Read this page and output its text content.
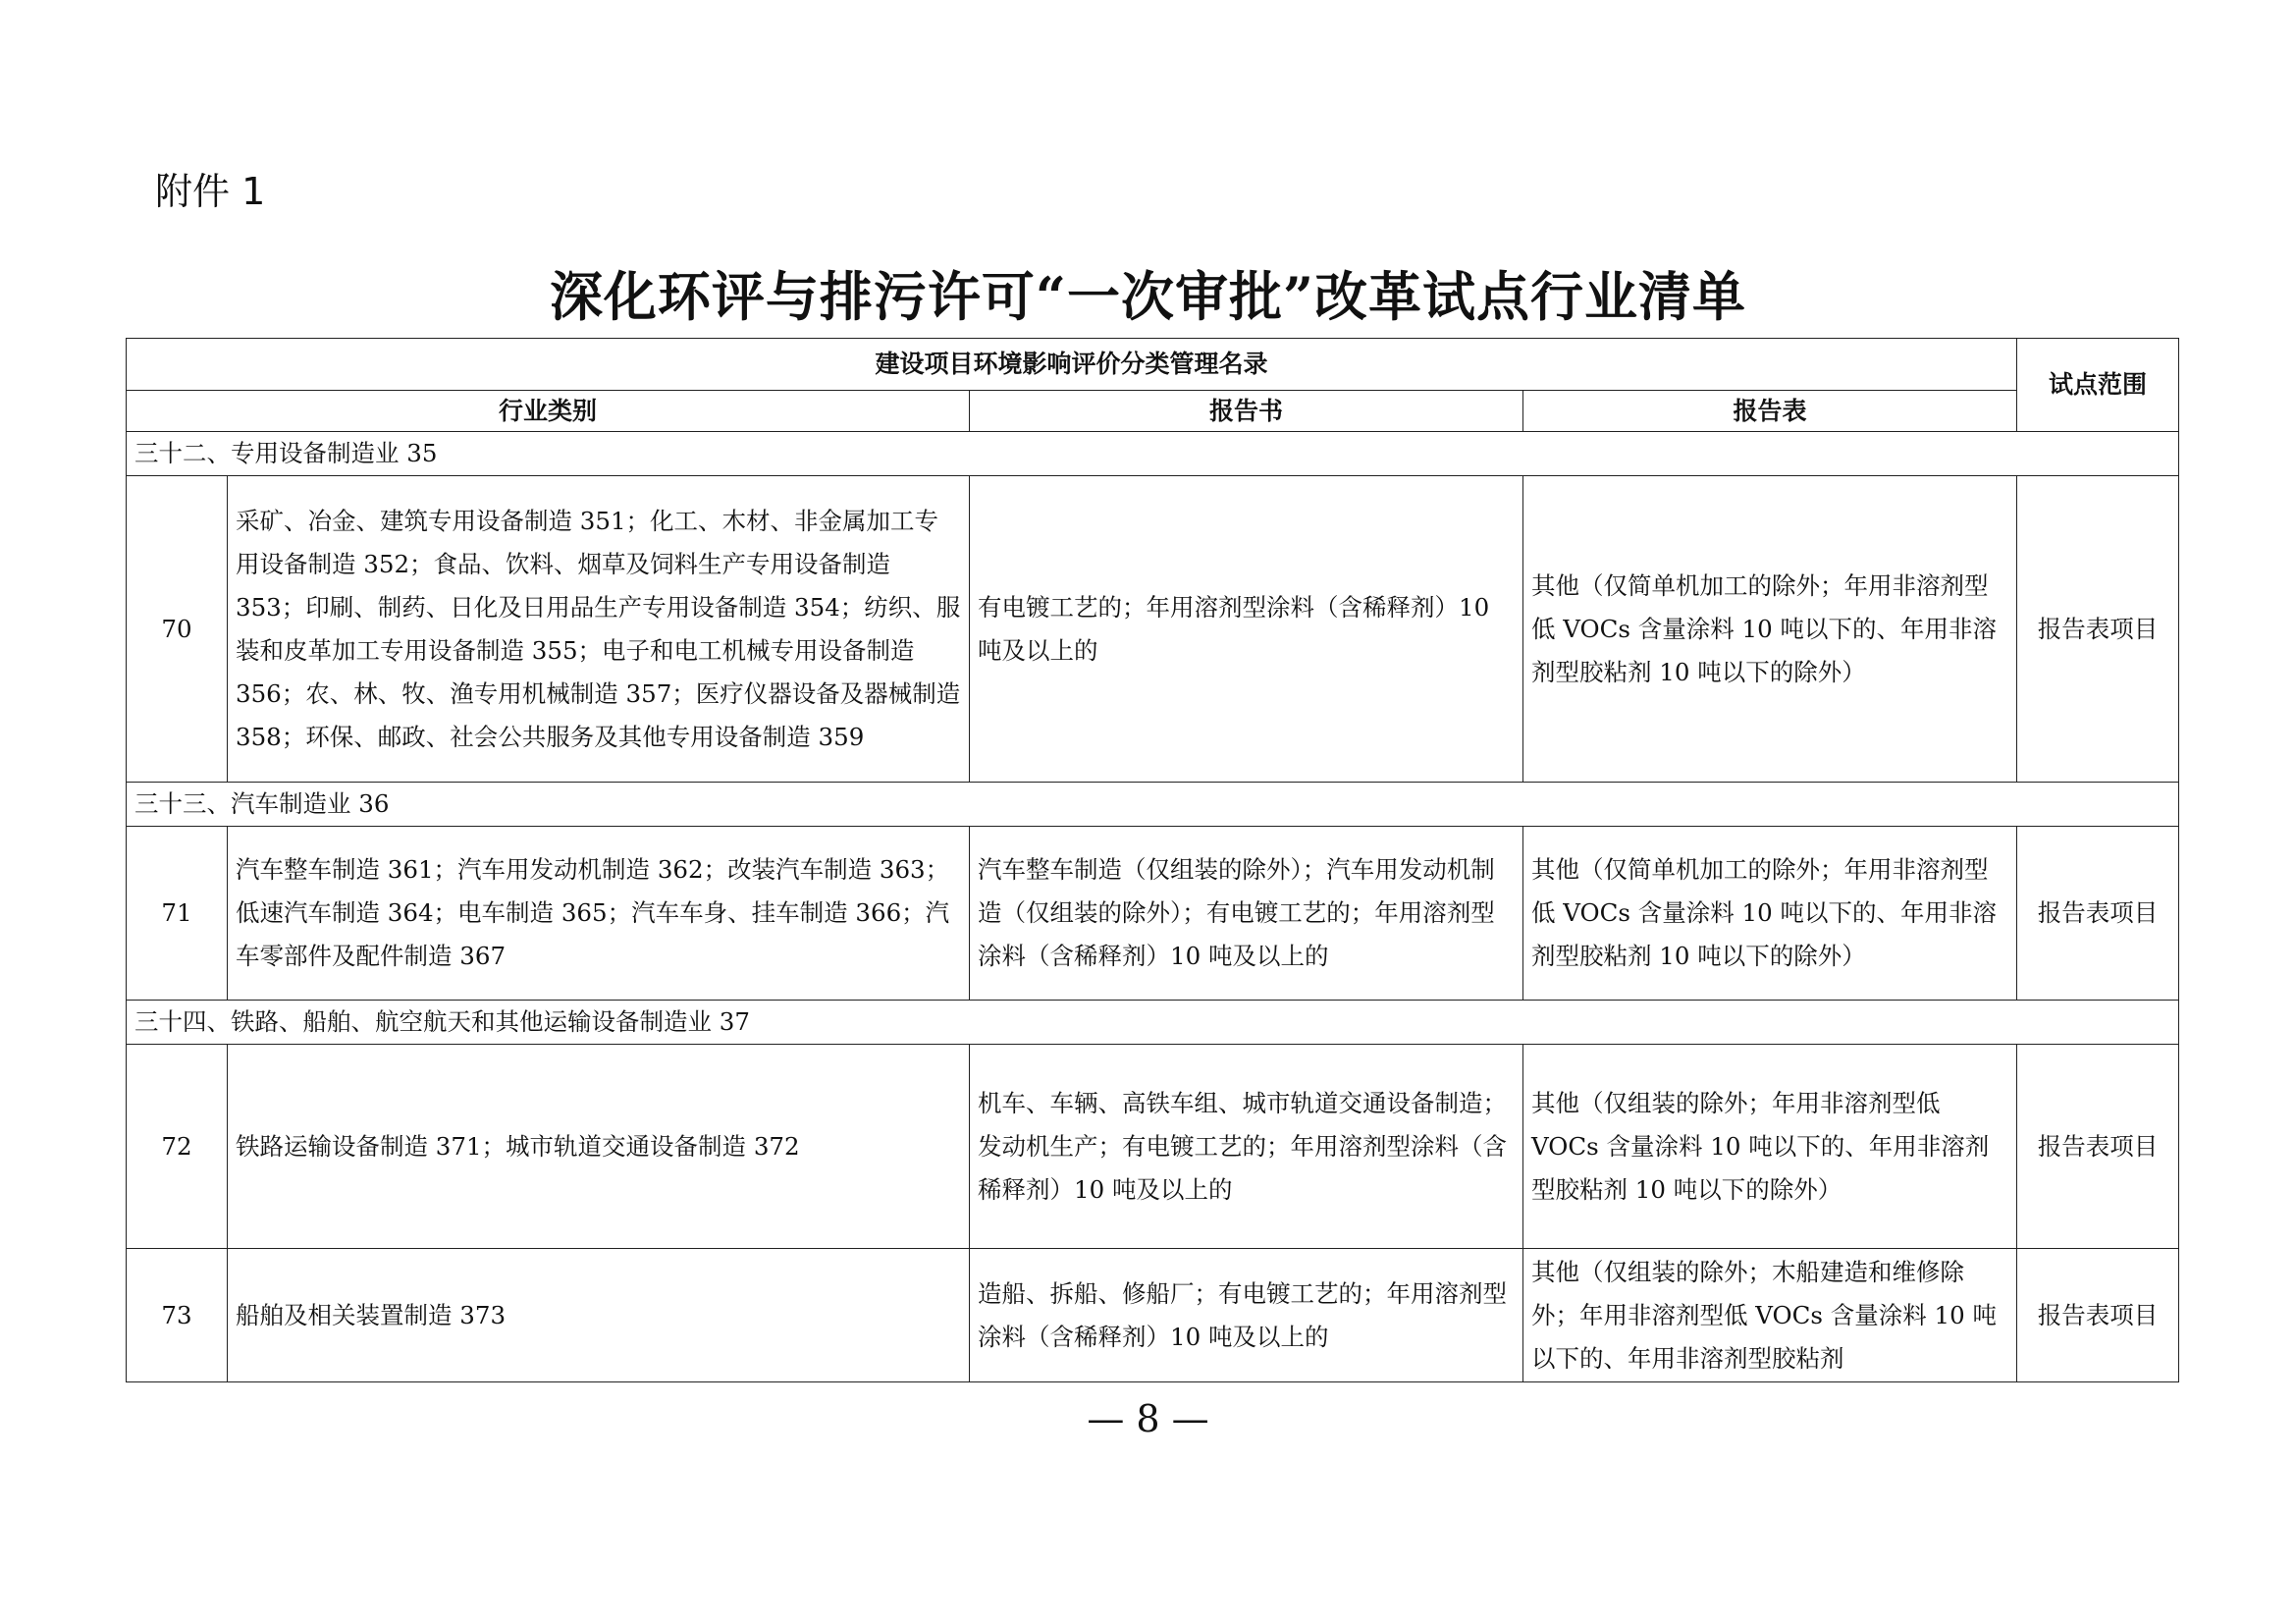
附件 1
深化环评与排污许可“一次审批”改革试点行业清单
建设项目环境影响评价分类管理名录				试点范围
行业类别		报告书	报告表	
三十二、专用设备制造业 35				
70	采矿、冶金、建筑专用设备制造 351；化工、木材、非金属加工专用设备制造 352；食品、饮料、烟草及饲料生产专用设备制造 353；印刷、制药、日化及日用品生产专用设备制造 354；纺织、服装和皮革加工专用设备制造 355；电子和电工机械专用设备制造 356；农、林、牧、渔专用机械制造 357；医疗仪器设备及器械制造 358；环保、邮政、社会公共服务及其他专用设备制造 359	有电镀工艺的；年用溶剂型涂料（含稀释剂）10 吨及以上的	其他（仅简单机加工的除外；年用非溶剂型低 VOCs 含量涂料 10 吨以下的、年用非溶剂型胶粘剂 10 吨以下的除外）	报告表项目
三十三、汽车制造业 36				
71	汽车整车制造 361；汽车用发动机制造 362；改装汽车制造 363；低速汽车制造 364；电车制造 365；汽车车身、挂车制造 366；汽车零部件及配件制造 367	汽车整车制造（仅组装的除外）；汽车用发动机制造（仅组装的除外）；有电镀工艺的；年用溶剂型涂料（含稀释剂）10 吨及以上的	其他（仅简单机加工的除外；年用非溶剂型低 VOCs 含量涂料 10 吨以下的、年用非溶剂型胶粘剂 10 吨以下的除外）	报告表项目
三十四、铁路、船舶、航空航天和其他运输设备制造业 37				
72	铁路运输设备制造 371；城市轨道交通设备制造 372	机车、车辆、高铁车组、城市轨道交通设备制造；发动机生产；有电镀工艺的；年用溶剂型涂料（含稀释剂）10 吨及以上的	其他（仅组装的除外；年用非溶剂型低 VOCs 含量涂料 10 吨以下的、年用非溶剂型胶粘剂 10 吨以下的除外）	报告表项目
73	船舶及相关装置制造 373	造船、拆船、修船厂；有电镀工艺的；年用溶剂型涂料（含稀释剂）10 吨及以上的	其他（仅组装的除外；木船建造和维修除外；年用非溶剂型低 VOCs 含量涂料 10 吨以下的、年用非溶剂型胶粘剂	报告表项目
— 8 —
